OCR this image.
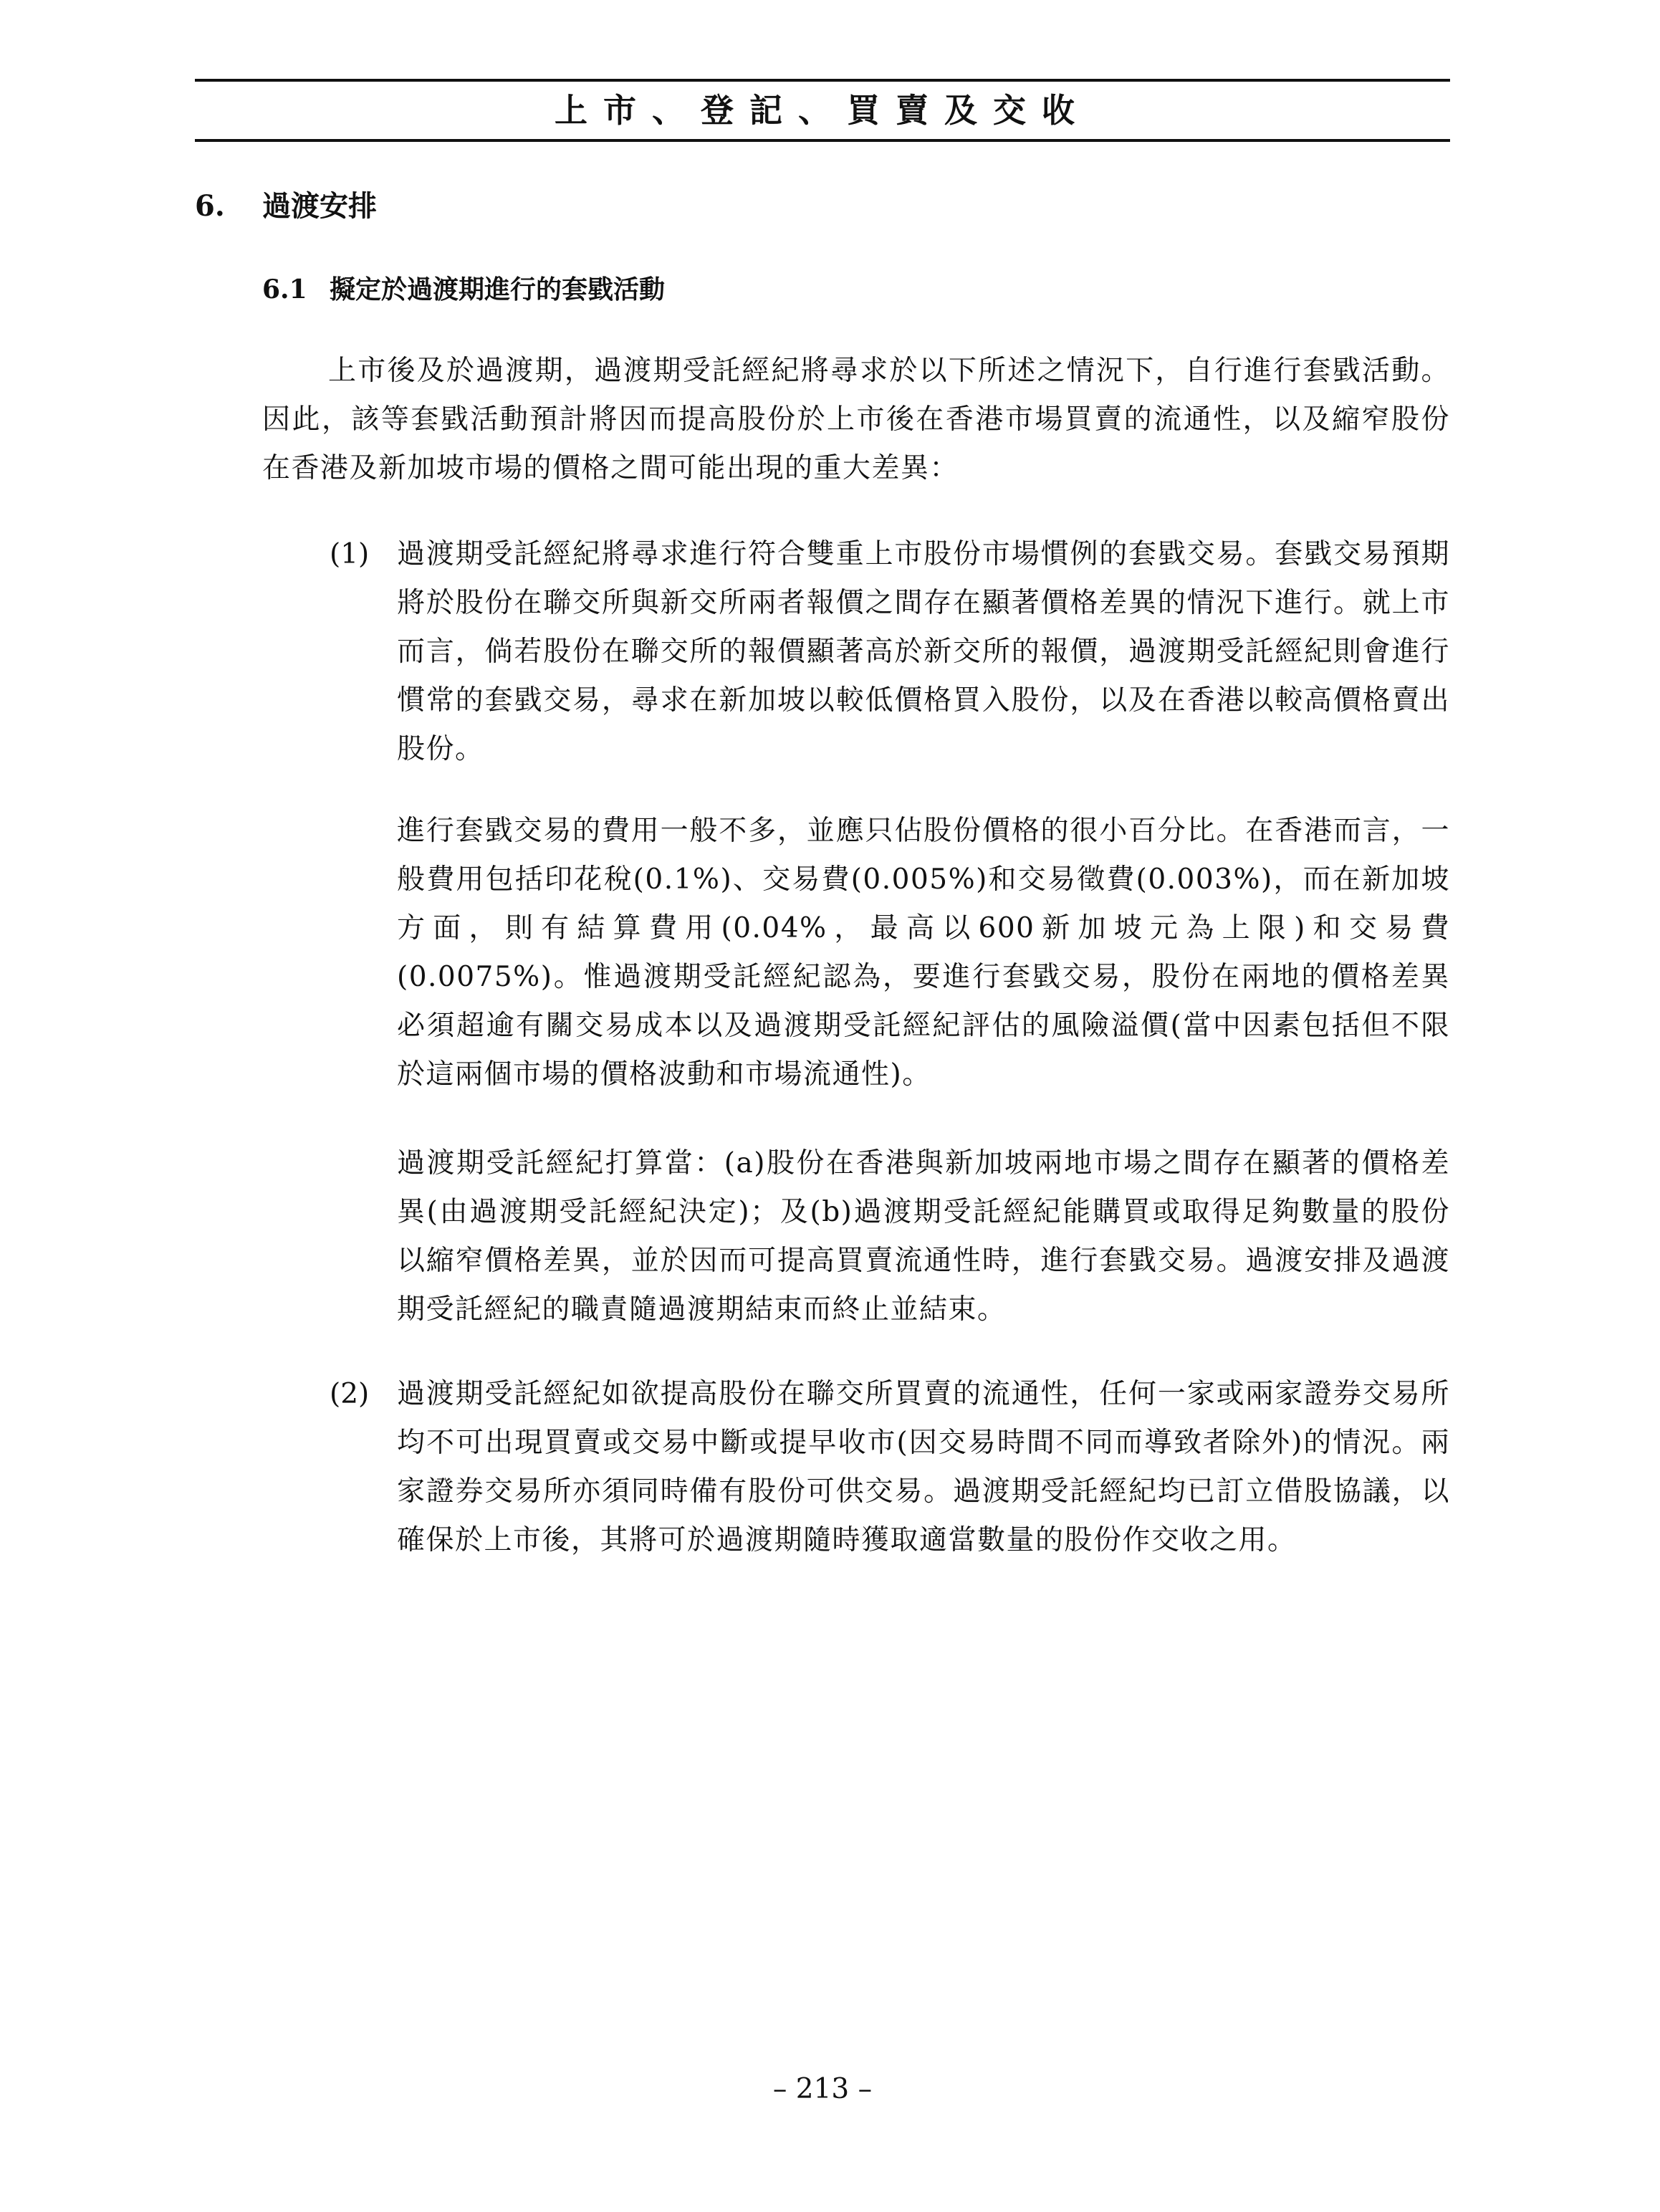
上市、登記、買賣及交收
6. 過渡安排
6.1 擬定於過渡期進行的套戥活動

上市後及於過渡期，過渡期受託經紀將尋求於以下所述之情況下，自行進行套戥活動。因此，該等套戥活動預計將因而提高股份於上市後在香港市場買賣的流通性，以及縮窄股份在香港及新加坡市場的價格之間可能出現的重大差異：

(1) 過渡期受託經紀將尋求進行符合雙重上市股份市場慣例的套戥交易。套戥交易預期將於股份在聯交所與新交所兩者報價之間存在顯著價格差異的情況下進行。就上市而言，倘若股份在聯交所的報價顯著高於新交所的報價，過渡期受託經紀則會進行慣常的套戥交易，尋求在新加坡以較低價格買入股份，以及在香港以較高價格賣出股份。

進行套戥交易的費用一般不多，並應只佔股份價格的很小百分比。在香港而言，一般費用包括印花稅(0.1%)、交易費(0.005%)和交易徵費(0.003%)，而在新加坡方面，則有結算費用(0.04%，最高以600新加坡元為上限)和交易費(0.0075%)。惟過渡期受託經紀認為，要進行套戥交易，股份在兩地的價格差異必須超逾有關交易成本以及過渡期受託經紀評估的風險溢價(當中因素包括但不限於這兩個市場的價格波動和市場流通性)。

過渡期受託經紀打算當：(a)股份在香港與新加坡兩地市場之間存在顯著的價格差異(由過渡期受託經紀決定)；及(b)過渡期受託經紀能購買或取得足夠數量的股份以縮窄價格差異，並於因而可提高買賣流通性時，進行套戥交易。過渡安排及過渡期受託經紀的職責隨過渡期結束而終止並結束。

(2) 過渡期受託經紀如欲提高股份在聯交所買賣的流通性，任何一家或兩家證券交易所均不可出現買賣或交易中斷或提早收市(因交易時間不同而導致者除外)的情況。兩家證券交易所亦須同時備有股份可供交易。過渡期受託經紀均已訂立借股協議，以確保於上市後，其將可於過渡期隨時獲取適當數量的股份作交收之用。

– 213 –
